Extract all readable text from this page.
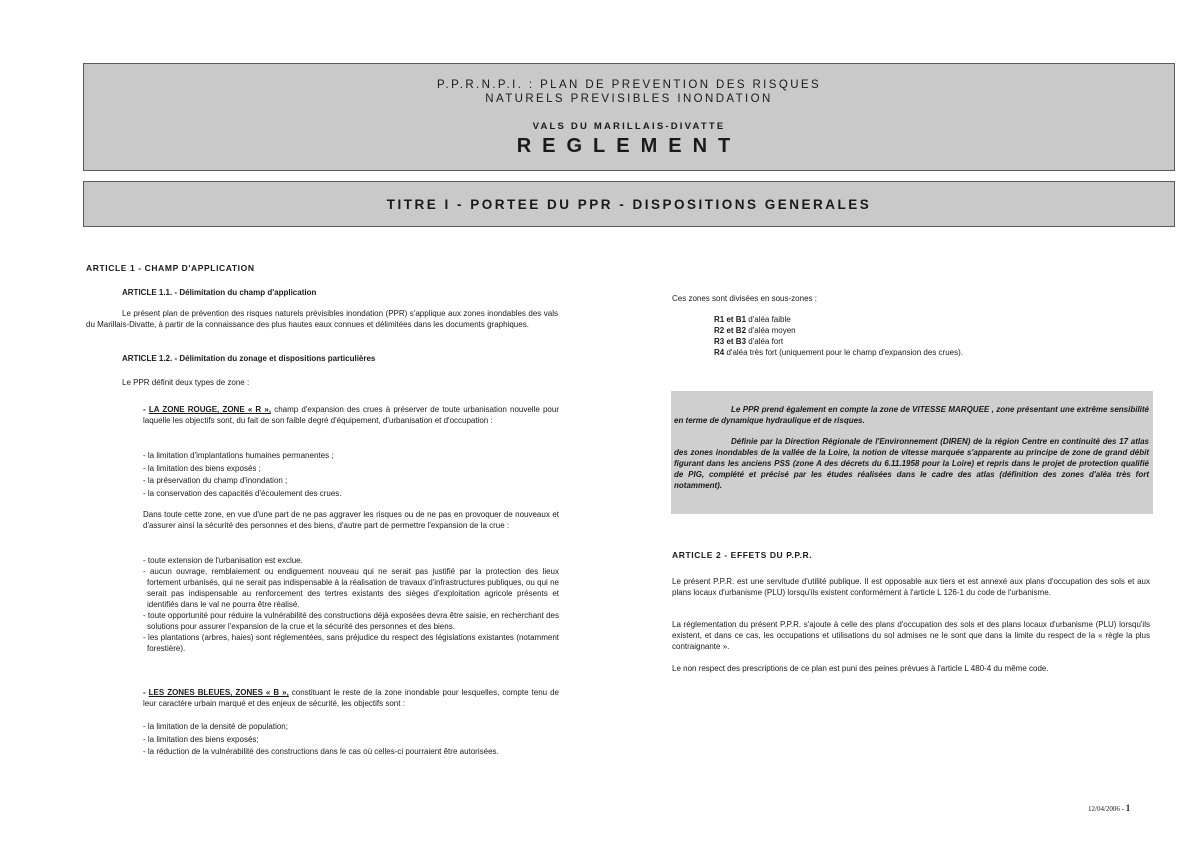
P.P.R.N.P.I. : PLAN DE PREVENTION DES RISQUES
NATURELS PREVISIBLES INONDATION
VALS DU MARILLAIS-DIVATTE
REGLEMENT
TITRE I - PORTEE DU PPR - DISPOSITIONS GENERALES
ARTICLE 1 - CHAMP D'APPLICATION
ARTICLE 1.1. - Délimitation du champ d'application

Le présent plan de prévention des risques naturels prévisibles inondation (PPR) s'applique aux zones inondables des vals du Marillais-Divatte, à partir de la connaissance des plus hautes eaux connues et délimitées dans les documents graphiques.

ARTICLE 1.2. - Délimitation du zonage et dispositions particulières
Le PPR définit deux types de zone :

- LA ZONE ROUGE, ZONE « R », champ d'expansion des crues à préserver de toute urbanisation nouvelle pour laquelle les objectifs sont, du fait de son faible degré d'équipement, d'urbanisation et d'occupation :

- la limitation d'implantations humaines permanentes ;
- la limitation des biens exposés ;
- la préservation du champ d'inondation ;
- la conservation des capacités d'écoulement des crues.

Dans toute cette zone, en vue d'une part de ne pas aggraver les risques ou de ne pas en provoquer de nouveaux et d'assurer ainsi la sécurité des personnes et des biens, d'autre part de permettre l'expansion de la crue :

- toute extension de l'urbanisation est exclue.
- aucun ouvrage, remblaiement ou endiguement nouveau qui ne serait pas justifié par la protection des lieux fortement urbanisés, qui ne serait pas indispensable à la réalisation de travaux d'infrastructures publiques, ou qui ne serait pas indispensable au renforcement des tertres existants des sièges d'exploitation agricole présents et identifiés dans le val ne pourra être réalisé.
- toute opportunité pour réduire la vulnérabilité des constructions déjà exposées devra être saisie, en recherchant des solutions pour assurer l'expansion de la crue et la sécurité des personnes et des biens.
- les plantations (arbres, haies) sont réglementées, sans préjudice du respect des législations existantes (notamment forestière).

- LES ZONES BLEUES, ZONES « B », constituant le reste de la zone inondable pour lesquelles, compte tenu de leur caractère urbain marqué et des enjeux de sécurité, les objectifs sont :

- la limitation de la densité de population;
- la limitation des biens exposés;
- la réduction de la vulnérabilité des constructions dans le cas où celles-ci pourraient être autorisées.
Ces zones sont divisées en sous-zones :
R1 et B1 d'aléa faible
R2 et B2 d'aléa moyen
R3 et B3 d'aléa fort
R4 d'aléa très fort (uniquement pour le champ d'expansion des crues).

Le PPR prend également en compte la zone de VITESSE MARQUEE , zone présentant une extrême sensibilité en terme de dynamique hydraulique et de risques.

Définie par la Direction Régionale de l'Environnement (DIREN) de la région Centre en continuité des 17 atlas des zones inondables de la vallée de la Loire, la notion de vitesse marquée s'apparente au principe de zone de grand débit figurant dans les anciens PSS (zone A des décrets du 6.11.1958 pour la Loire) et repris dans le projet de protection qualifié de PIG, complété et précisé par les études réalisées dans le cadre des atlas (définition des zones d'aléa très fort notamment).

ARTICLE 2 - EFFETS DU P.P.R.

Le présent P.P.R. est une servitude d'utilité publique. Il est opposable aux tiers et est annexé aux plans d'occupation des sols et aux plans locaux d'urbanisme (PLU) lorsqu'ils existent conformément à l'article L 126-1 du code de l'urbanisme.

La réglementation du présent P.P.R. s'ajoute à celle des plans d'occupation des sols et des plans locaux d'urbanisme (PLU) lorsqu'ils existent, et dans ce cas, les occupations et utilisations du sol admises ne le sont que dans la limite du respect de la « règle la plus contraignante ».

Le non respect des prescriptions de ce plan est puni des peines prévues à l'article L 480-4 du même code.

12/04/2006 - 1
